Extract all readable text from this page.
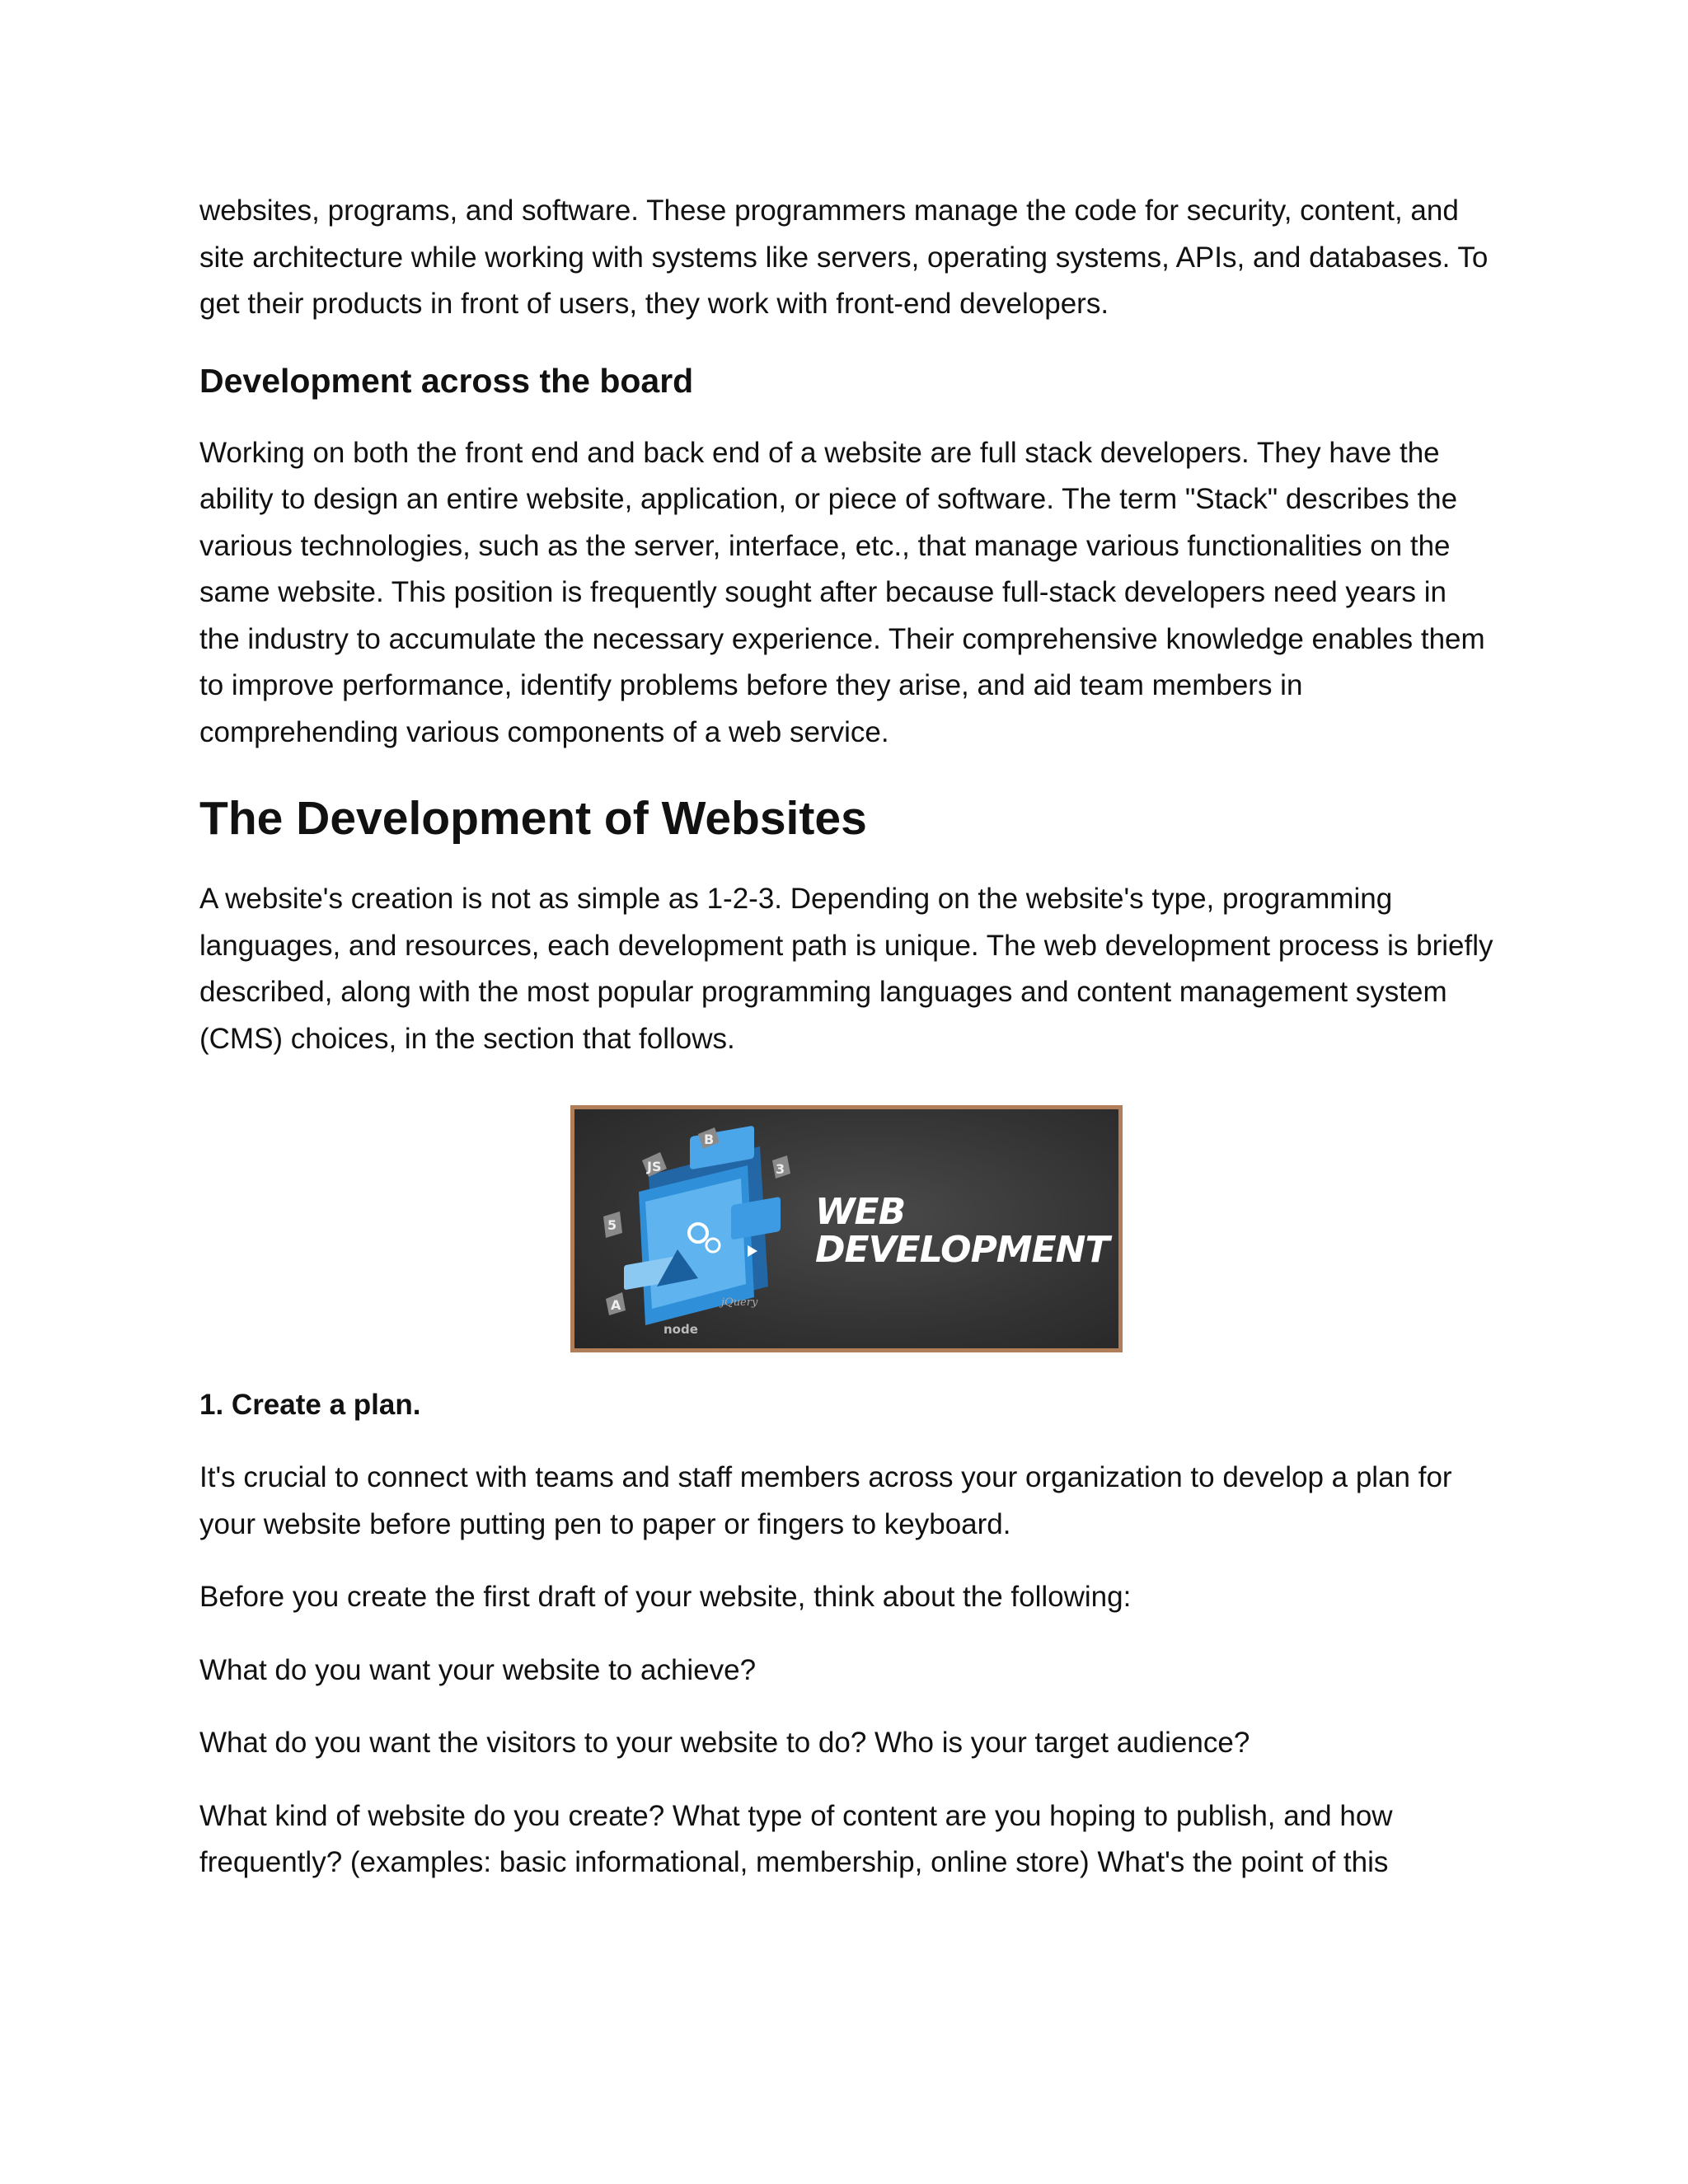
websites, programs, and software. These programmers manage the code for security, content, and site architecture while working with systems like servers, operating systems, APIs, and databases. To get their products in front of users, they work with front-end developers.

Development across the board

Working on both the front end and back end of a website are full stack developers. They have the ability to design an entire website, application, or piece of software. The term "Stack" describes the various technologies, such as the server, interface, etc., that manage various functionalities on the same website. This position is frequently sought after because full-stack developers need years in the industry to accumulate the necessary experience. Their comprehensive knowledge enables them to improve performance, identify problems before they arise, and aid team members in comprehending various components of a web service.

The Development of Websites

A website's creation is not as simple as 1-2-3. Depending on the website's type, programming languages, and resources, each development path is unique. The web development process is briefly described, along with the most popular programming languages and content management system (CMS) choices, in the section that follows.

JS
B
3
5
A
node
jQuery
WEB
DEVELOPMENT
1. Create a plan.

It's crucial to connect with teams and staff members across your organization to develop a plan for your website before putting pen to paper or fingers to keyboard.

Before you create the first draft of your website, think about the following:

What do you want your website to achieve?

What do you want the visitors to your website to do? Who is your target audience?

What kind of website do you create? What type of content are you hoping to publish, and how frequently? (examples: basic informational, membership, online store) What's the point of this
